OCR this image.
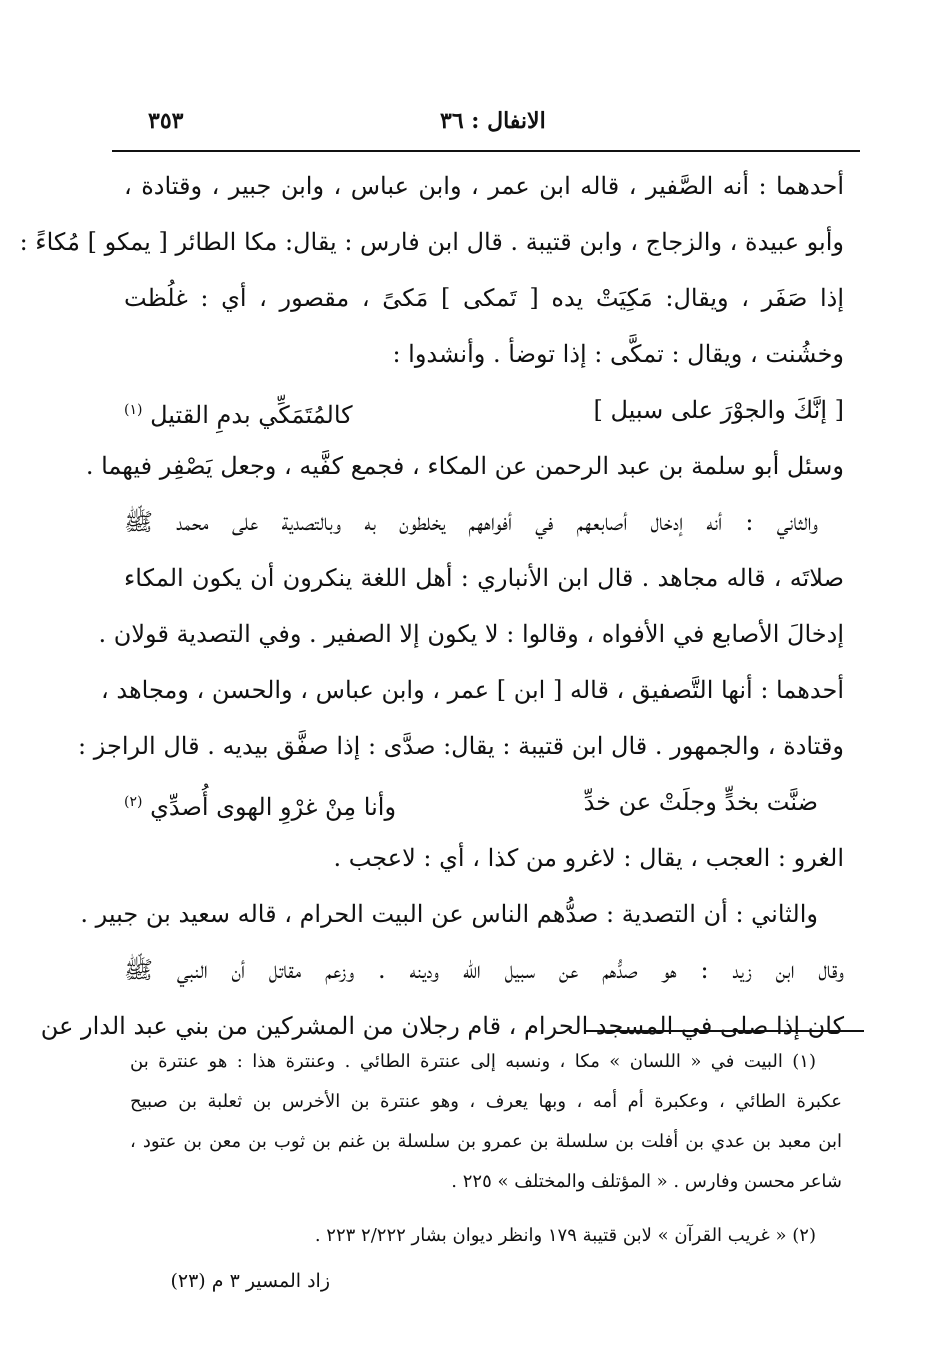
٣٥٣	الانفال : ٣٦
أحدهما : أنه الصَّفير ، قاله ابن عمر ، وابن عباس ، وابن جبير ، وقتادة ،
وأبو عبيدة ، والزجاج ، وابن قتيبة . قال ابن فارس : يقال: مكا الطائر [ يمكو ] مُكاءً :
إذا صَفَر ، ويقال: مَكِيَتْ يده [ تَمكى ] مَكىً ، مقصور ، أي : غلُظت
وخشُنت ، ويقال : تمكَّى : إذا توضأ . وأنشدوا :
[ إنَّكَ والجوْرَ على سبيل ]
كالمُتَمَكِّي بدمِ القتيل $^{(١)}$
وسئل أبو سلمة بن عبد الرحمن عن المكاء ، فجمع كفَّيه ، وجعل يَصْفِر فيهما .
والثاني : أنه إدخال أصابعهم في أفواههم يخلطون به وبالتصدية على محمد ﷺ
صلاتَه ، قاله مجاهد . قال ابن الأنباري : أهل اللغة ينكرون أن يكون المكاء
إدخالَ الأصابع في الأفواه ، وقالوا : لا يكون إلا الصفير . وفي التصدية قولان .
أحدهما : أنها التَّصفيق ، قاله [ ابن ] عمر ، وابن عباس ، والحسن ، ومجاهد ،
وقتادة ، والجمهور . قال ابن قتيبة : يقال: صدَّى : إذا صفَّق بيديه . قال الراجز :
ضنَّت بخدٍّ وجلَتْ عن خدِّ
وأنا مِنْ غرْوِ الهوى أُصدِّي $^{(٢)}$
الغرو : العجب ، يقال : لاغرو من كذا ، أي : لاعجب .
والثاني : أن التصدية : صدُّهم الناس عن البيت الحرام ، قاله سعيد بن جبير .
وقال ابن زيد : هو صدُّهم عن سبيل الله ودينه . وزعم مقاتل أن النبي ﷺ
كان إذا صلى في المسجد الحرام ، قام رجلان من المشركين من بني عبد الدار عن
(١) البيت في « اللسان » مكا ، ونسبه إلى عنترة الطائي . وعنترة هذا : هو عنترة بن
عكبرة الطائي ، وعكبرة أم أمه ، وبها يعرف ، وهو عنترة بن الأخرس بن ثعلبة بن صبيح
ابن معبد بن عدي بن أفلت بن سلسلة بن عمرو بن سلسلة بن غنم بن ثوب بن معن بن عتود ،
شاعر محسن وفارس . « المؤتلف والمختلف » ٢٢٥ .
(٢) « غريب القرآن » لابن قتيبة ١٧٩ وانظر ديوان بشار ٢/٢٢٢ ٢٢٣ .
زاد المسير ٣ م (٢٣)
